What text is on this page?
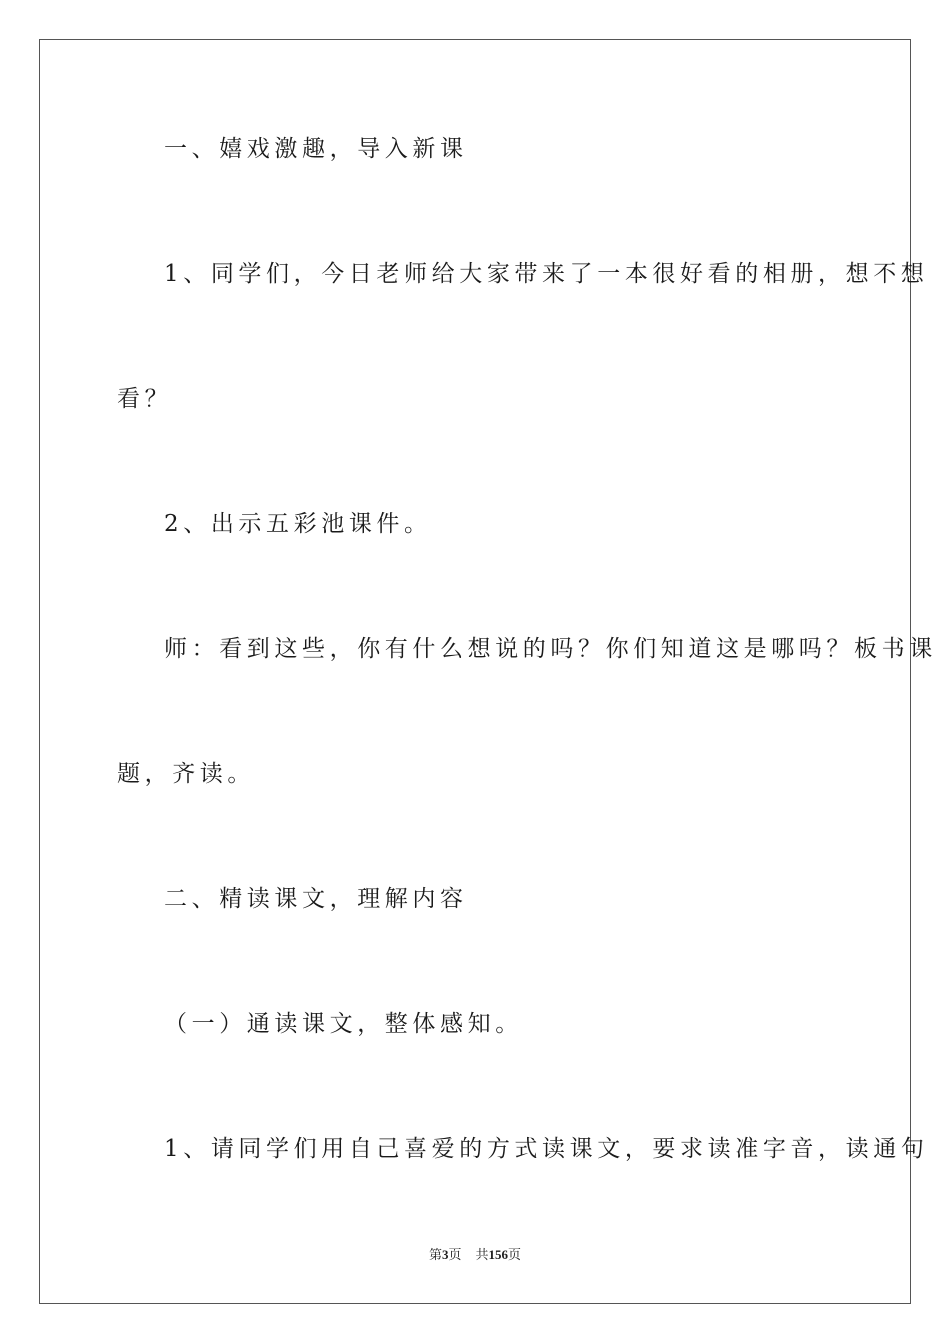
一、嬉戏激趣，导入新课
1、同学们，今日老师给大家带来了一本很好看的相册，想不想
看？
2、出示五彩池课件。
师：看到这些，你有什么想说的吗？你们知道这是哪吗？板书课
题，齐读。
二、精读课文，理解内容
（一）通读课文，整体感知。
1、请同学们用自己喜爱的方式读课文，要求读准字音，读通句
第3页 共156页
